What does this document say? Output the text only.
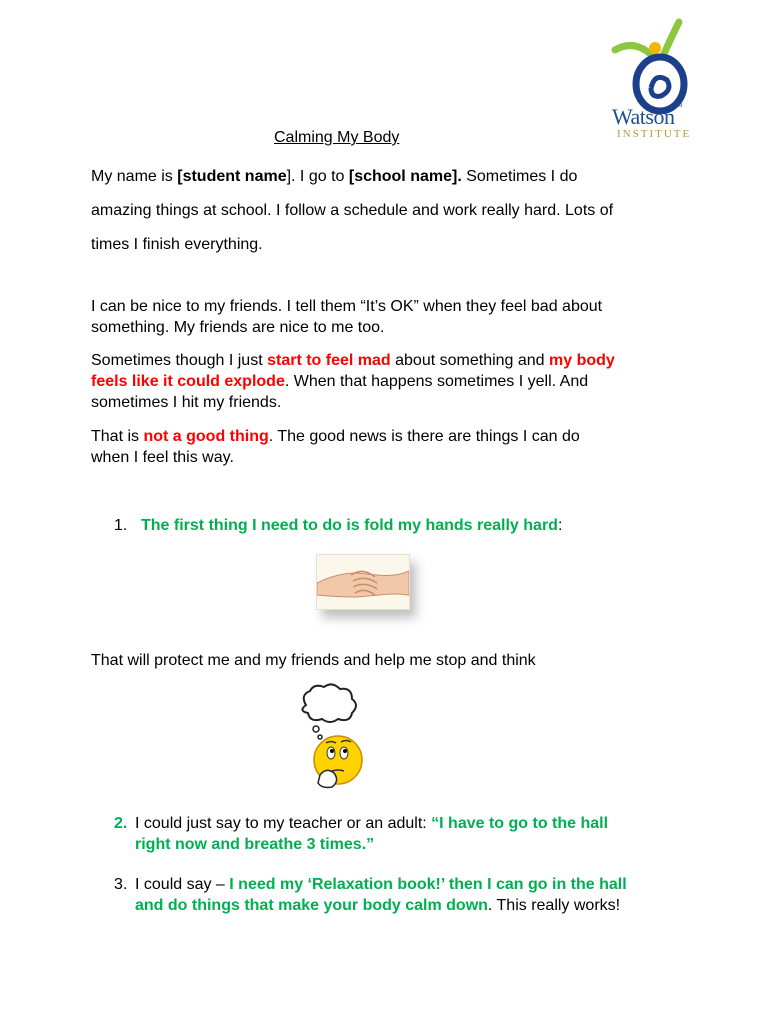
Watson™
INSTITUTE
Calming My Body
My name is [student name]. I go to [school name]. Sometimes I do
amazing things at school. I follow a schedule and work really hard. Lots of
times I finish everything.
I can be nice to my friends. I tell them “It’s OK” when they feel bad about
something. My friends are nice to me too.
Sometimes though I just start to feel mad about something and my body
feels like it could explode. When that happens sometimes I yell. And
sometimes I hit my friends.
That is not a good thing. The good news is there are things I can do
when I feel this way.
1. The first thing I need to do is fold my hands really hard:
That will protect me and my friends and help me stop and think
2. I could just say to my teacher or an adult: “I have to go to the hall
right now and breathe 3 times.”
3. I could say – I need my ‘Relaxation book!’ then I can go in the hall
and do things that make your body calm down. This really works!
